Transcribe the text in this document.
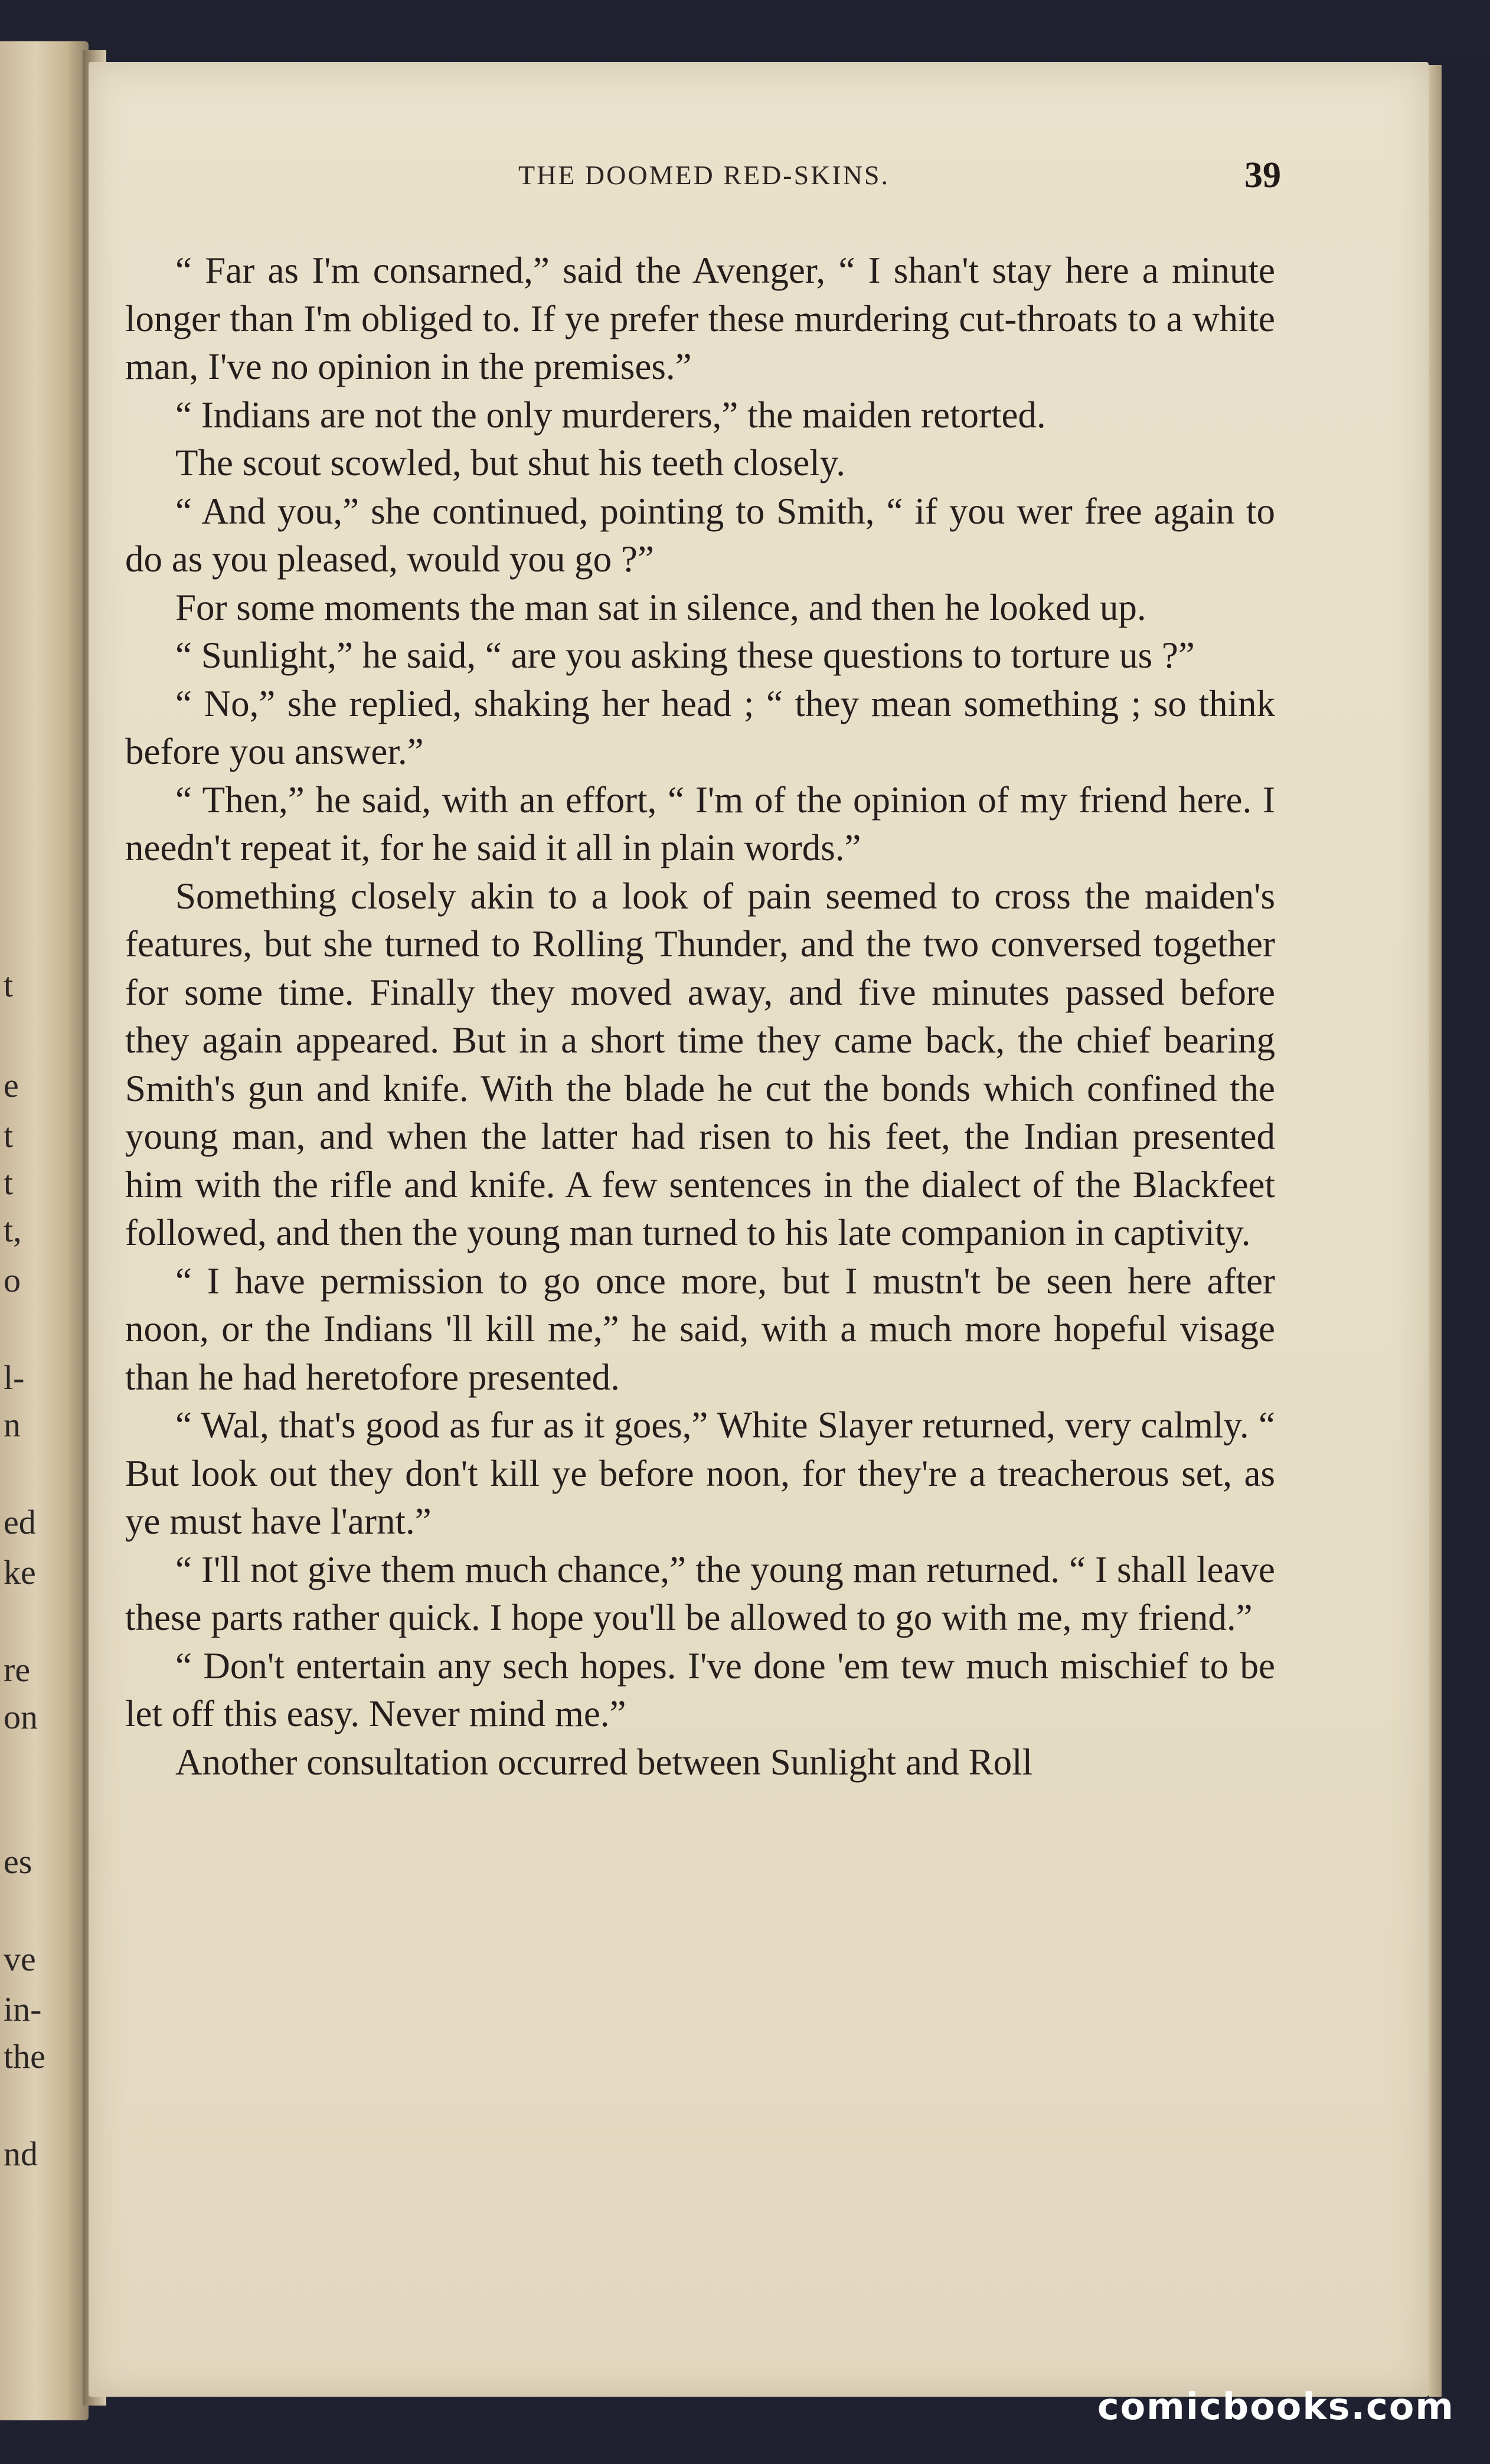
t
e
t
t
t,
o
l-
n
ed
ke
re
on
es
ve
in-
the
nd
THE DOOMED RED-SKINS.	39

“ Far as I'm consarned,” said the Avenger, “ I shan't stay here a minute longer than I'm obliged to. If ye prefer these murdering cut-throats to a white man, I've no opinion in the premises.”

“ Indians are not the only murderers,” the maiden retorted.

The scout scowled, but shut his teeth closely.

“ And you,” she continued, pointing to Smith, “ if you wer free again to do as you pleased, would you go ?”

For some moments the man sat in silence, and then he looked up.

“ Sunlight,” he said, “ are you asking these questions to torture us ?”

“ No,” she replied, shaking her head ; “ they mean something ; so think before you answer.”

“ Then,” he said, with an effort, “ I'm of the opinion of my friend here. I needn't repeat it, for he said it all in plain words.”

Something closely akin to a look of pain seemed to cross the maiden's features, but she turned to Rolling Thunder, and the two conversed together for some time. Finally they moved away, and five minutes passed before they again appeared. But in a short time they came back, the chief bearing Smith's gun and knife. With the blade he cut the bonds which confined the young man, and when the latter had risen to his feet, the Indian presented him with the rifle and knife. A few sentences in the dialect of the Blackfeet followed, and then the young man turned to his late companion in captivity.

“ I have permission to go once more, but I mustn't be seen here after noon, or the Indians 'll kill me,” he said, with a much more hopeful visage than he had heretofore presented.

“ Wal, that's good as fur as it goes,” White Slayer returned, very calmly. “ But look out they don't kill ye before noon, for they're a treacherous set, as ye must have l'arnt.”

“ I'll not give them much chance,” the young man returned. “ I shall leave these parts rather quick. I hope you'll be allowed to go with me, my friend.”

“ Don't entertain any sech hopes. I've done 'em tew much mischief to be let off this easy. Never mind me.”

Another consultation occurred between Sunlight and Roll

comicbooks.com
